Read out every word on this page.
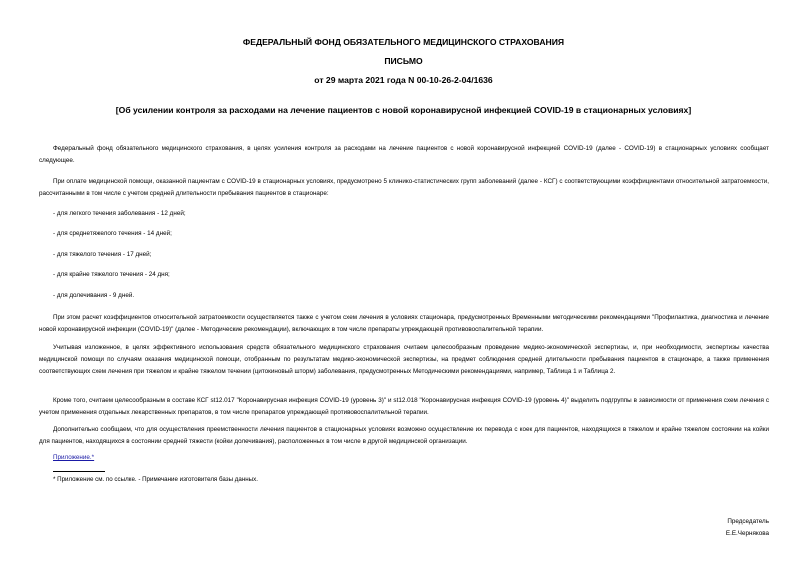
ФЕДЕРАЛЬНЫЙ ФОНД ОБЯЗАТЕЛЬНОГО МЕДИЦИНСКОГО СТРАХОВАНИЯ
ПИСЬМО
от 29 марта 2021 года N 00-10-26-2-04/1636
[Об усилении контроля за расходами на лечение пациентов с новой коронавирусной инфекцией COVID-19 в стационарных условиях]

Федеральный фонд обязательного медицинского страхования, в целях усиления контроля за расходами на лечение пациентов с новой коронавирусной инфекцией COVID-19 (далее - COVID-19) в стационарных условиях сообщает следующее.

При оплате медицинской помощи, оказанной пациентам с COVID-19 в стационарных условиях, предусмотрено 5 клинико-статистических групп заболеваний (далее - КСГ) с соответствующими коэффициентами относительной затратоемкости, рассчитанными в том числе с учетом средней длительности пребывания пациентов в стационаре:

- для легкого течения заболевания - 12 дней;

- для среднетяжелого течения - 14 дней;

- для тяжелого течения - 17 дней;

- для крайне тяжелого течения - 24 дня;

- для долечивания - 9 дней.

При этом расчет коэффициентов относительной затратоемкости осуществляется также с учетом схем лечения в условиях стационара, предусмотренных Временными методическими рекомендациями "Профилактика, диагностика и лечение новой коронавирусной инфекции (COVID-19)" (далее - Методические рекомендации), включающих в том числе препараты упреждающей противовоспалительной терапии.

Учитывая изложенное, в целях эффективного использования средств обязательного медицинского страхования считаем целесообразным проведение медико-экономической экспертизы, и, при необходимости, экспертизы качества медицинской помощи по случаям оказания медицинской помощи, отобранным по результатам медико-экономической экспертизы, на предмет соблюдения средней длительности пребывания пациентов в стационаре, а также применения соответствующих схем лечения при тяжелом и крайне тяжелом течении (цитокиновый шторм) заболевания, предусмотренных Методическими рекомендациями, например, Таблица 1 и Таблица 2.

Кроме того, считаем целесообразным в составе КСГ st12.017 "Коронавирусная инфекция COVID-19 (уровень 3)" и st12.018 "Коронавирусная инфекция COVID-19 (уровень 4)" выделить подгруппы в зависимости от применения схем лечения с учетом применения отдельных лекарственных препаратов, в том числе препаратов упреждающей противовоспалительной терапии.

Дополнительно сообщаем, что для осуществления преемственности лечения пациентов в стационарных условиях возможно осуществление их перевода с коек для пациентов, находящихся в тяжелом и крайне тяжелом состоянии на койки для пациентов, находящихся в состоянии средней тяжести (койки долечивания), расположенных в том числе в другой медицинской организации.

Приложение.*
* Приложение см. по ссылке. - Примечание изготовителя базы данных.
Председатель
Е.Е.Чернякова
